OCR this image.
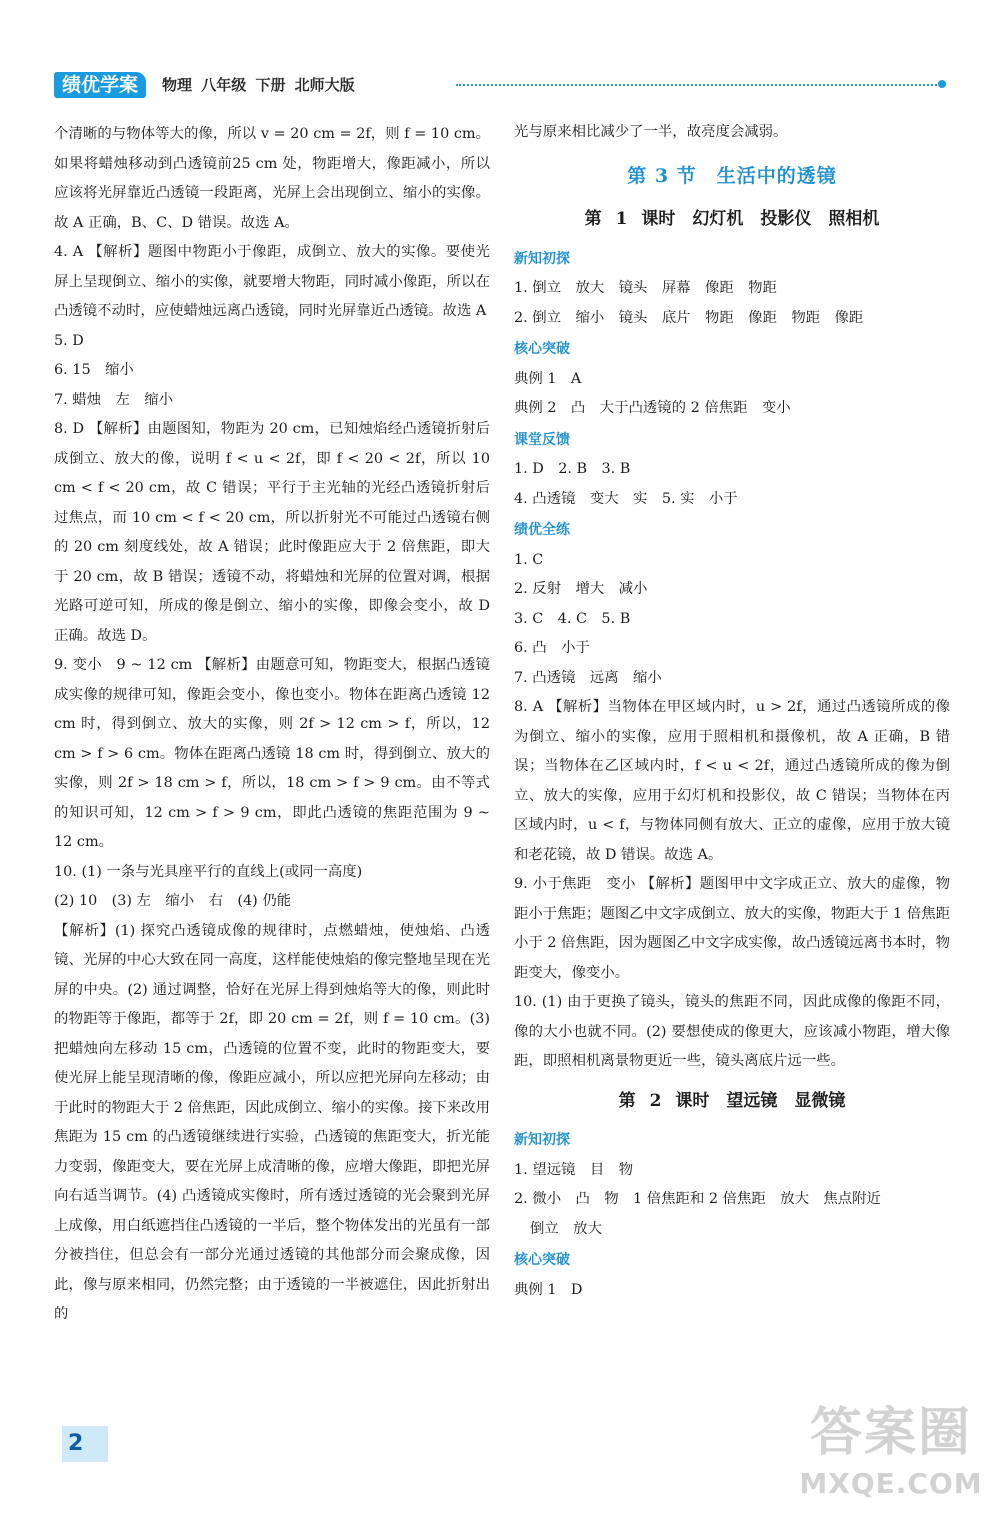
绩优学案	物理 八年级 下册 北师大版

个清晰的与物体等大的像，所以 v = 20 cm = 2f，则 f = 10 cm。如果将蜡烛移动到凸透镜前25 cm 处，物距增大，像距减小，所以应该将光屏靠近凸透镜一段距离，光屏上会出现倒立、缩小的实像。故 A 正确，B、C、D 错误。故选 A。

4. A 【解析】题图中物距小于像距，成倒立、放大的实像。要使光屏上呈现倒立、缩小的实像，就要增大物距，同时减小像距，所以在凸透镜不动时，应使蜡烛远离凸透镜，同时光屏靠近凸透镜。故选 A

5. D

6. 15　缩小

7. 蜡烛　左　缩小

8. D 【解析】由题图知，物距为 20 cm，已知烛焰经凸透镜折射后成倒立、放大的像，说明 f < u < 2f，即 f < 20 < 2f，所以 10 cm < f < 20 cm，故 C 错误；平行于主光轴的光经凸透镜折射后过焦点，而 10 cm < f < 20 cm，所以折射光不可能过凸透镜右侧的 20 cm 刻度线处，故 A 错误；此时像距应大于 2 倍焦距，即大于 20 cm，故 B 错误；透镜不动，将蜡烛和光屏的位置对调，根据光路可逆可知，所成的像是倒立、缩小的实像，即像会变小，故 D 正确。故选 D。

9. 变小　9 ~ 12 cm 【解析】由题意可知，物距变大，根据凸透镜成实像的规律可知，像距会变小，像也变小。物体在距离凸透镜 12 cm 时，得到倒立、放大的实像，则 2f > 12 cm > f，所以，12 cm > f > 6 cm。物体在距离凸透镜 18 cm 时，得到倒立、放大的实像，则 2f > 18 cm > f，所以，18 cm > f > 9 cm。由不等式的知识可知，12 cm > f > 9 cm，即此凸透镜的焦距范围为 9 ~ 12 cm。

10. (1) 一条与光具座平行的直线上(或同一高度)

(2) 10　(3) 左　缩小　右　(4) 仍能

【解析】(1) 探究凸透镜成像的规律时，点燃蜡烛，使烛焰、凸透镜、光屏的中心大致在同一高度，这样能使烛焰的像完整地呈现在光屏的中央。(2) 通过调整，恰好在光屏上得到烛焰等大的像，则此时的物距等于像距，都等于 2f，即 20 cm = 2f，则 f = 10 cm。(3) 把蜡烛向左移动 15 cm，凸透镜的位置不变，此时的物距变大，要使光屏上能呈现清晰的像，像距应减小，所以应把光屏向左移动；由于此时的物距大于 2 倍焦距，因此成倒立、缩小的实像。接下来改用焦距为 15 cm 的凸透镜继续进行实验，凸透镜的焦距变大，折光能力变弱，像距变大，要在光屏上成清晰的像，应增大像距，即把光屏向右适当调节。(4) 凸透镜成实像时，所有透过透镜的光会聚到光屏上成像，用白纸遮挡住凸透镜的一半后，整个物体发出的光虽有一部分被挡住，但总会有一部分光通过透镜的其他部分而会聚成像，因此，像与原来相同，仍然完整；由于透镜的一半被遮住，因此折射出的

光与原来相比减少了一半，故亮度会减弱。

第 3 节　生活中的透镜
第 1 课时　幻灯机　投影仪　照相机
新知初探

1. 倒立　放大　镜头　屏幕　像距　物距

2. 倒立　缩小　镜头　底片　物距　像距　物距　像距

核心突破

典例 1　A

典例 2　凸　大于凸透镜的 2 倍焦距　变小

课堂反馈

1. D　2. B　3. B

4. 凸透镜　变大　实　5. 实　小于

绩优全练

1. C

2. 反射　增大　减小

3. C　4. C　5. B

6. 凸　小于

7. 凸透镜　远离　缩小

8. A 【解析】当物体在甲区域内时，u > 2f，通过凸透镜所成的像为倒立、缩小的实像，应用于照相机和摄像机，故 A 正确，B 错误；当物体在乙区域内时，f < u < 2f，通过凸透镜所成的像为倒立、放大的实像，应用于幻灯机和投影仪，故 C 错误；当物体在丙区域内时，u < f，与物体同侧有放大、正立的虚像，应用于放大镜和老花镜，故 D 错误。故选 A。

9. 小于焦距　变小 【解析】题图甲中文字成正立、放大的虚像，物距小于焦距；题图乙中文字成倒立、放大的实像，物距大于 1 倍焦距小于 2 倍焦距，因为题图乙中文字成实像，故凸透镜远离书本时，物距变大，像变小。

10. (1) 由于更换了镜头，镜头的焦距不同，因此成像的像距不同，像的大小也就不同。(2) 要想使成的像更大，应该减小物距，增大像距，即照相机离景物更近一些，镜头离底片远一些。

第 2 课时　望远镜　显微镜
新知初探

1. 望远镜　目　物

2. 微小　凸　物　1 倍焦距和 2 倍焦距　放大　焦点附近

倒立　放大

核心突破

典例 1　D

2	答案圈
MXQE.COM
